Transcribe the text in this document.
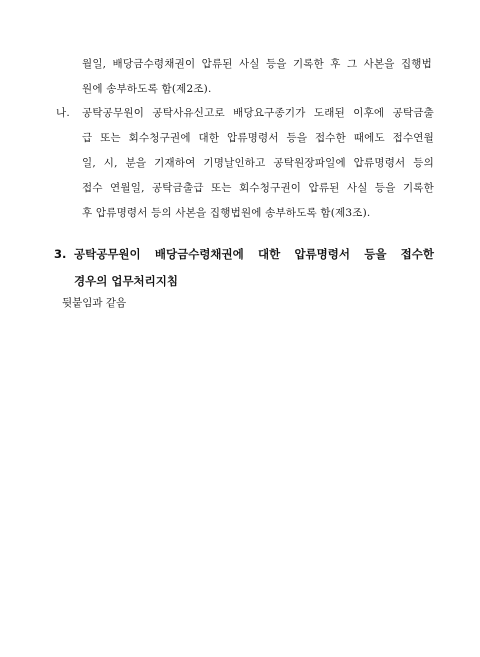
월일, 배당금수령채권이 압류된 사실 등을 기록한 후 그 사본을 집행법
원에 송부하도록 함(제2조).
나. 공탁공무원이 공탁사유신고로 배당요구종기가 도래된 이후에 공탁금출
급 또는 회수청구권에 대한 압류명령서 등을 접수한 때에도 접수연월
일, 시, 분을 기재하여 기명날인하고 공탁원장파일에 압류명령서 등의
접수 연월일, 공탁금출급 또는 회수청구권이 압류된 사실 등을 기록한
후 압류명령서 등의 사본을 집행법원에 송부하도록 함(제3조).
3. 공탁공무원이 배당금수령채권에 대한 압류명령서 등을 접수한
경우의 업무처리지침
뒷붙임과 같음
